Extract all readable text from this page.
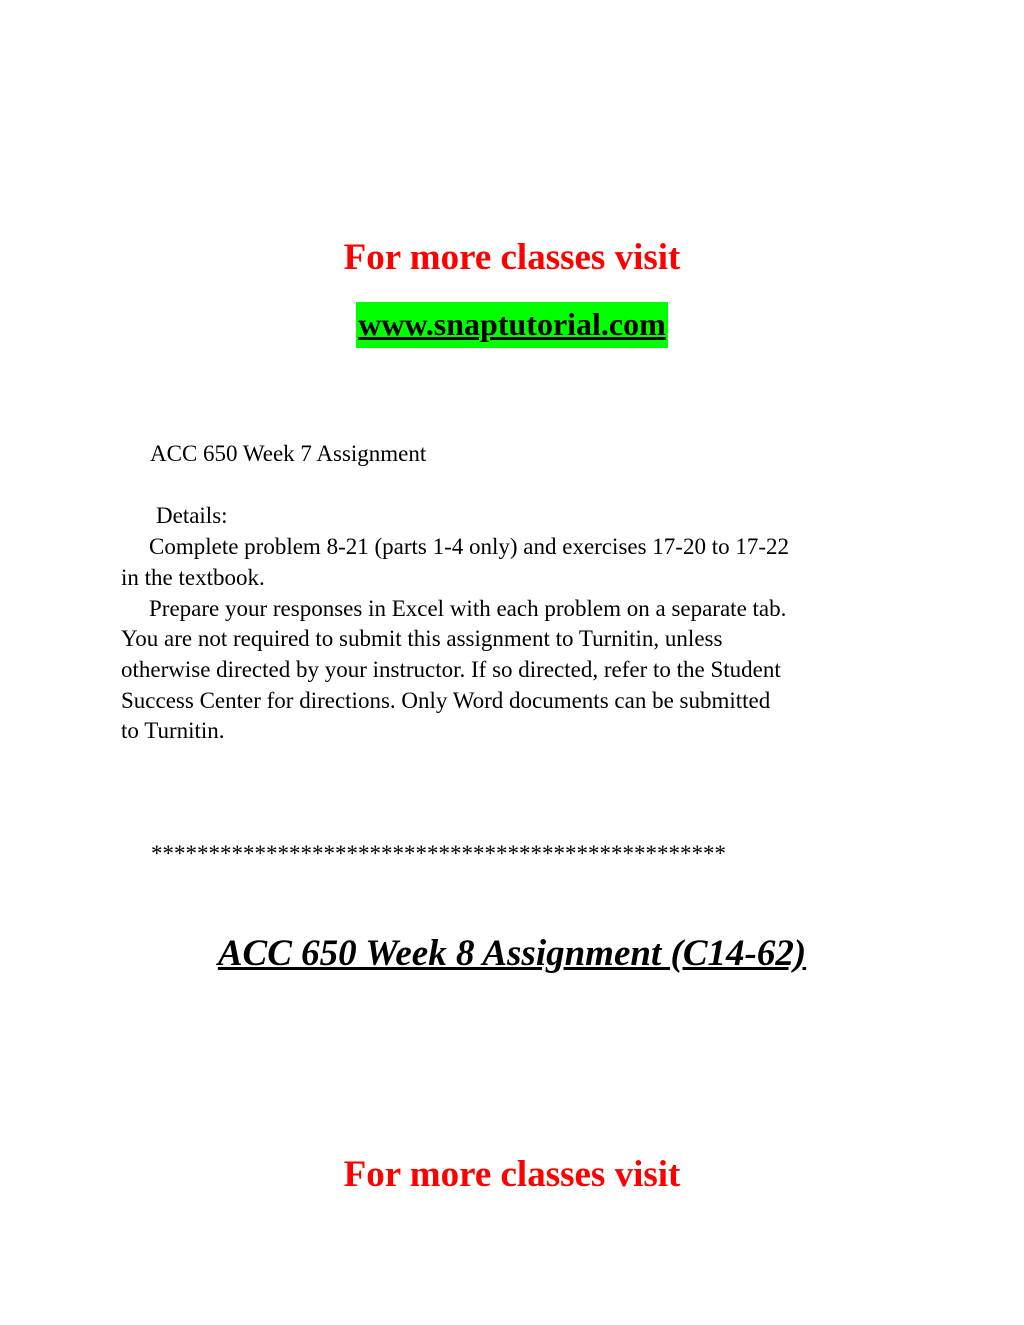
For more classes visit
www.snaptutorial.com
ACC 650 Week 7 Assignment
Details:
Complete problem 8-21 (parts 1-4 only) and exercises 17-20 to 17-22
in the textbook.
Prepare your responses in Excel with each problem on a separate tab.
You are not required to submit this assignment to Turnitin, unless
otherwise directed by your instructor. If so directed, refer to the Student
Success Center for directions. Only Word documents can be submitted
to Turnitin.
**************************************************
ACC 650 Week 8 Assignment (C14-62)
For more classes visit
